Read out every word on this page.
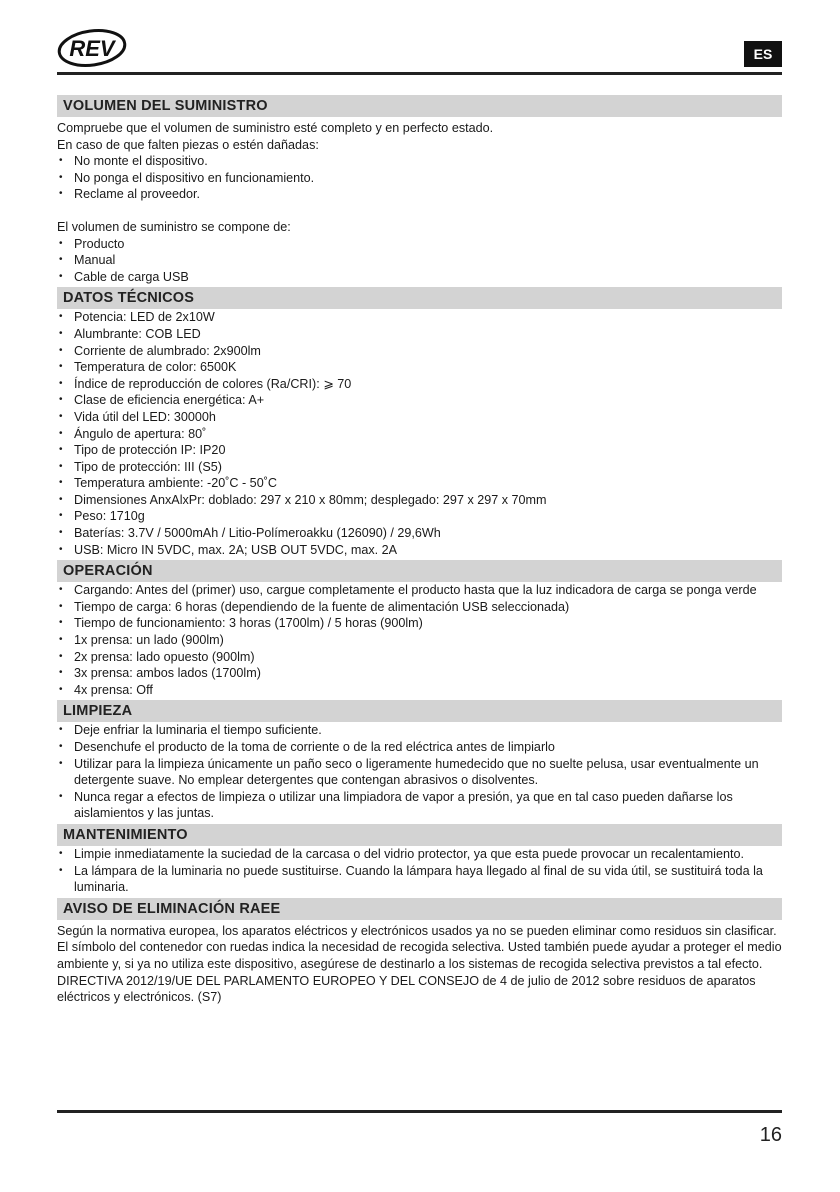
REV	ES
VOLUMEN DEL SUMINISTRO

Compruebe que el volumen de suministro esté completo y en perfecto estado.

En caso de que falten piezas o estén dañadas:

• No monte el dispositivo.
• No ponga el dispositivo en funcionamiento.
• Reclame al proveedor.

El volumen de suministro se compone de:

• Producto
• Manual
• Cable de carga USB
DATOS TÉCNICOS
• Potencia: LED de 2x10W
• Alumbrante: COB LED
• Corriente de alumbrado: 2x900lm
• Temperatura de color: 6500K
• Índice de reproducción de colores (Ra/CRI): ⩾ 70
• Clase de eficiencia energética: A+
• Vida útil del LED: 30000h
• Ángulo de apertura: 80˚
• Tipo de protección IP: IP20
• Tipo de protección: III (S5)
• Temperatura ambiente: -20˚C - 50˚C
• Dimensiones AnxAlxPr: doblado: 297 x 210 x 80mm; desplegado: 297 x 297 x 70mm
• Peso: 1710g
• Baterías: 3.7V / 5000mAh / Litio-Polímeroakku (126090) / 29,6Wh
• USB: Micro IN 5VDC, max. 2A; USB OUT 5VDC, max. 2A
OPERACIÓN
• Cargando: Antes del (primer) uso, cargue completamente el producto hasta que la luz indicadora de carga se ponga verde
• Tiempo de carga: 6 horas (dependiendo de la fuente de alimentación USB seleccionada)
• Tiempo de funcionamiento: 3 horas (1700lm) / 5 horas (900lm)
• 1x prensa: un lado (900lm)
• 2x prensa: lado opuesto (900lm)
• 3x prensa: ambos lados (1700lm)
• 4x prensa: Off
LIMPIEZA
• Deje enfriar la luminaria el tiempo suficiente.
• Desenchufe el producto de la toma de corriente o de la red eléctrica antes de limpiarlo
• Utilizar para la limpieza únicamente un paño seco o ligeramente humedecido que no suelte pelusa, usar eventualmente un detergente suave. No emplear detergentes que contengan abrasivos o disolventes.
• Nunca regar a efectos de limpieza o utilizar una limpiadora de vapor a presión, ya que en tal caso pueden dañarse los aislamientos y las juntas.
MANTENIMIENTO
• Limpie inmediatamente la suciedad de la carcasa o del vidrio protector, ya que esta puede provocar un recalentamiento.
• La lámpara de la luminaria no puede sustituirse. Cuando la lámpara haya llegado al final de su vida útil, se sustituirá toda la luminaria.
AVISO DE ELIMINACIÓN RAEE

Según la normativa europea, los aparatos eléctricos y electrónicos usados ya no se pueden eliminar como residuos sin clasificar. El símbolo del contenedor con ruedas indica la necesidad de recogida selectiva. Usted también puede ayudar a proteger el medio ambiente y, si ya no utiliza este dispositivo, asegúrese de destinarlo a los sistemas de recogida selectiva previstos a tal efecto. DIRECTIVA 2012/19/UE DEL PARLAMENTO EUROPEO Y DEL CONSEJO de 4 de julio de 2012 sobre residuos de aparatos eléctricos y electrónicos. (S7)

16
